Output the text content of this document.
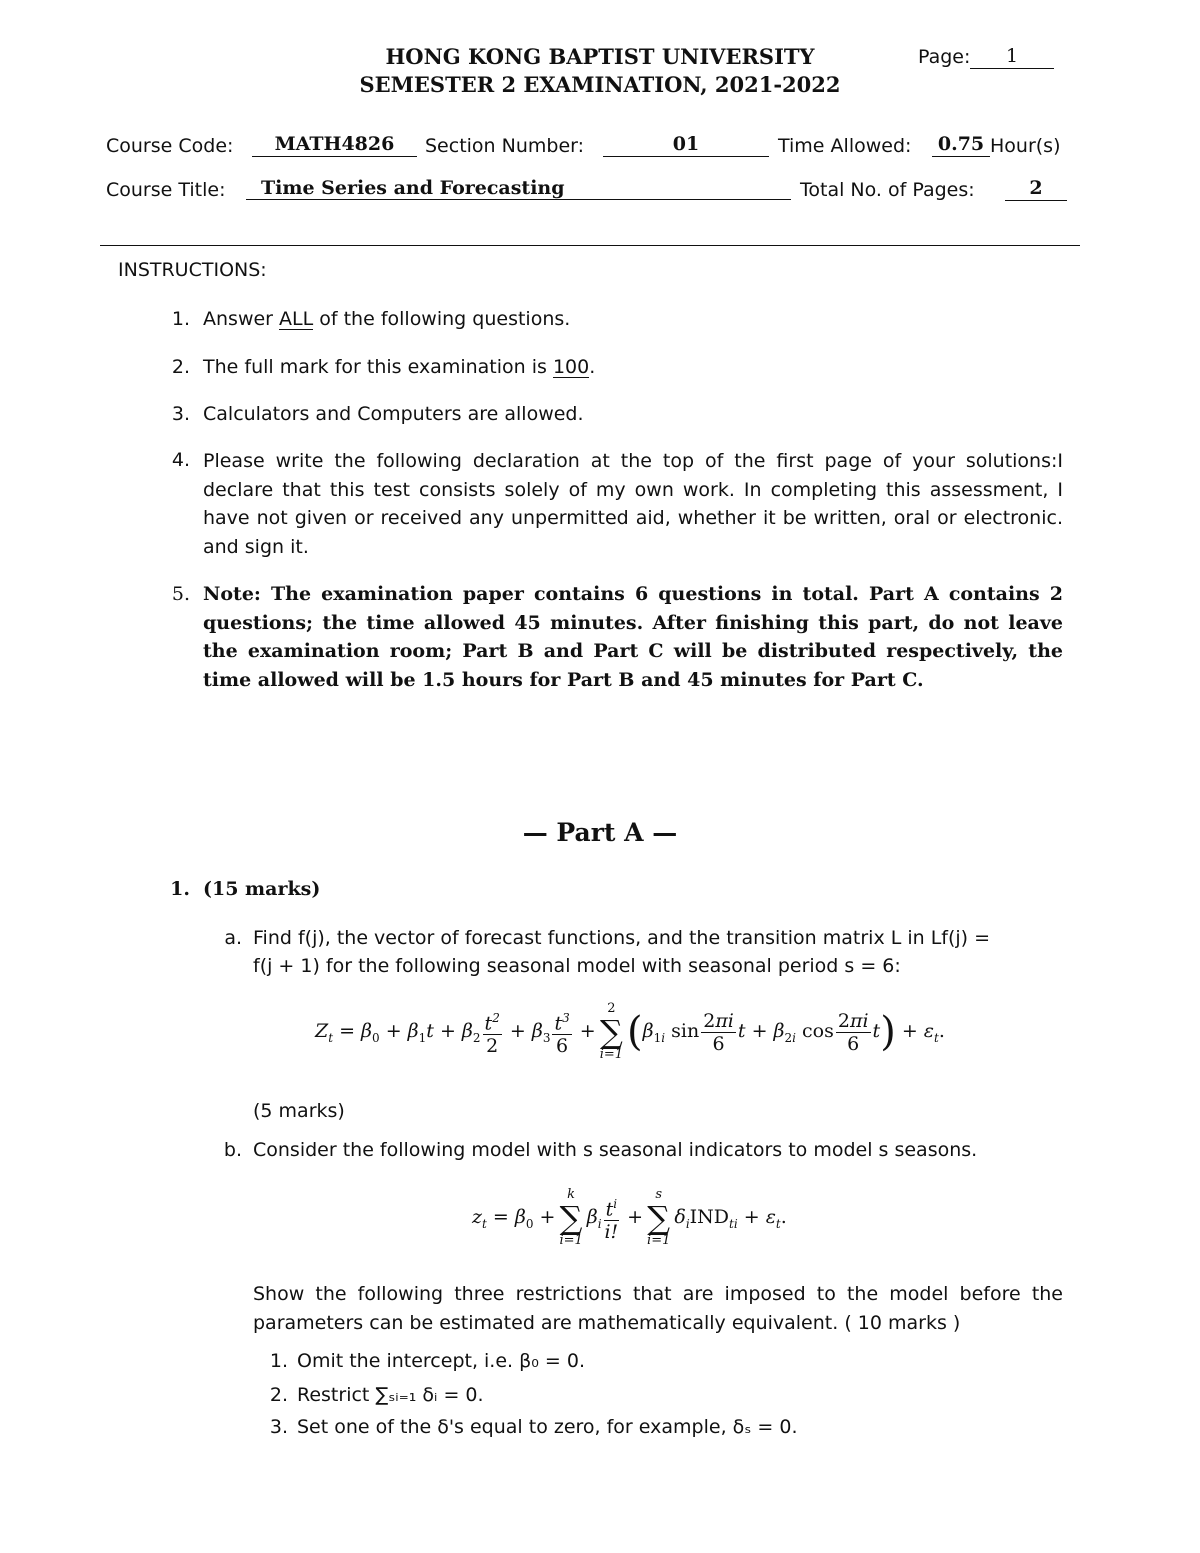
HONG KONG BAPTIST UNIVERSITY
SEMESTER 2 EXAMINATION, 2021-2022
Page:	1
Course Code:	MATH4826	Section Number:	01	Time Allowed:	0.75 Hour(s)
Course Title:	Time Series and Forecasting	Total No. of Pages:	2
INSTRUCTIONS:
1. Answer ALL of the following questions.
2. The full mark for this examination is 100.
3. Calculators and Computers are allowed.
4. Please write the following declaration at the top of the first page of your solutions:I declare that this test consists solely of my own work. In completing this assessment, I have not given or received any unpermitted aid, whether it be written, oral or electronic. and sign it.
5. Note: The examination paper contains 6 questions in total. Part A contains 2 questions; the time allowed 45 minutes. After finishing this part, do not leave the examination room; Part B and Part C will be distributed respectively, the time allowed will be 1.5 hours for Part B and 45 minutes for Part C.
— Part A —
1. (15 marks)
a. Find f(j), the vector of forecast functions, and the transition matrix L in Lf(j) =
f(j + 1) for the following seasonal model with seasonal period s = 6:
$Z_t = \beta_0 + \beta_1t + \beta_2 \frac{t^2}{2} + \beta_3 \frac{t^3}{6}$ +
2
∑
i=1 ($\beta_{1i}$ $\sin \frac{2\pi i}{6}$ $t + \beta_{2i}$ $\cos \frac{2\pi i}{6} t) + \varepsilon_t$.
(5 marks)
b. Consider the following model with s seasonal indicators to model s seasons.
$z_t = \beta_0$ +
k
∑
i=1
$\beta_i \frac{t^i}{i!}$ +
s
∑
i=1
$\delta_iIND_{ti} + \varepsilon_t$.
Show the following three restrictions that are imposed to the model before the parameters can be estimated are mathematically equivalent. ( 10 marks )
1. Omit the intercept, i.e. β₀ = 0.
2. Restrict ∑ₛᵢ₌₁ δᵢ = 0.
3. Set one of the δ's equal to zero, for example, δₛ = 0.
